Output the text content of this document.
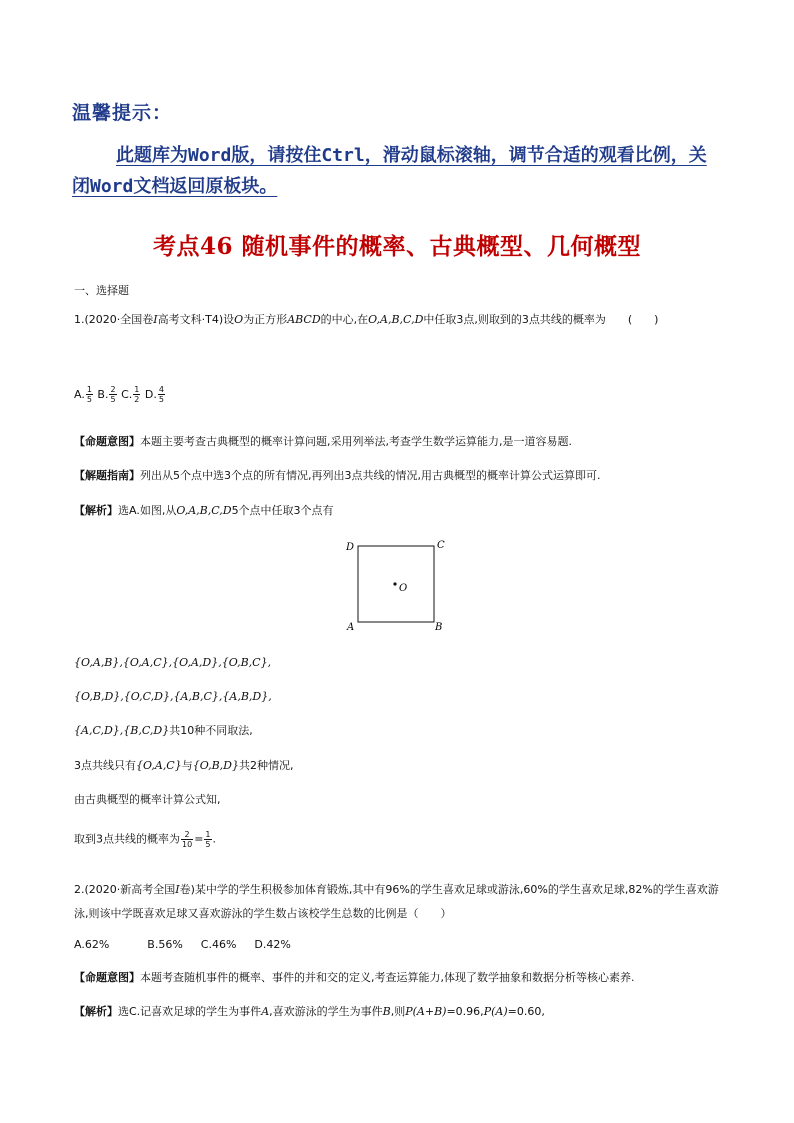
温馨提示：
此题库为Word版，请按住Ctrl，滑动鼠标滚轴，调节合适的观看比例，关闭Word文档返回原板块。
考点46 随机事件的概率、古典概型、几何概型
一、选择题
1.(2020·全国卷Ⅰ高考文科·T4)设O为正方形ABCD的中心,在O,A,B,C,D中任取3点,则取到的3点共线的概率为 (　　)
A. $\frac{1}{5} B$. $\frac{2}{5} C$. $\frac{1}{2} D$. $\frac{4}{5}$
【命题意图】本题主要考查古典概型的概率计算问题,采用列举法,考查学生数学运算能力,是一道容易题.
【解题指南】列出从5个点中选3个点的所有情况,再列出3点共线的情况,用古典概型的概率计算公式运算即可.
【解析】选A.如图,从O,A,B,C,D5个点中任取3个点有
D	C
O
A	B
{O,A,B},{O,A,C},{O,A,D},{O,B,C},
{O,B,D},{O,C,D},{A,B,C},{A,B,D},
{A,C,D},{B,C,D}共10种不同取法,
3点共线只有{O,A,C}与{O,B,D}共2种情况,
由古典概型的概率计算公式知,
取到3点共线的概率为 $\frac{2}{10} = \frac{1}{5}$ .
2.(2020·新高考全国Ⅰ卷)某中学的学生积极参加体育锻炼,其中有96%的学生喜欢足球或游泳,60%的学生喜欢足球,82%的学生喜欢游泳,则该中学既喜欢足球又喜欢游泳的学生数占该校学生总数的比例是（　　）
A.62%	B.56% C.46% D.42%
【命题意图】本题考查随机事件的概率、事件的并和交的定义,考查运算能力,体现了数学抽象和数据分析等核心素养.
【解析】选C.记喜欢足球的学生为事件A,喜欢游泳的学生为事件B,则P(A+B)=0.96,P(A)=0.60,
